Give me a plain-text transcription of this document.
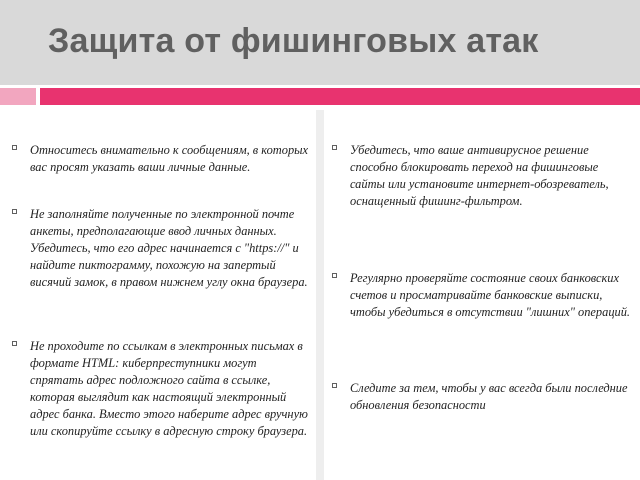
Защита от фишинговых атак
Относитесь внимательно к сообщениям, в которых вас просят указать ваши личные данные.
Не заполняйте полученные по электронной почте анкеты, предполагающие ввод личных данных. Убедитесь, что его адрес начинается с "https://" и найдите пиктограмму, похожую на запертый висячий замок, в правом нижнем углу окна браузера.
Не проходите по ссылкам в электронных письмах в формате HTML: киберпреступники могут спрятать адрес подложного сайта в ссылке, которая выглядит как настоящий электронный адрес банка. Вместо этого наберите адрес вручную или скопируйте ссылку в адресную строку браузера.
Убедитесь, что ваше антивирусное решение способно блокировать переход на фишинговые сайты или установите интернет-обозреватель, оснащенный фишинг-фильтром.
Регулярно проверяйте состояние своих банковских счетов и просматривайте банковские выписки, чтобы убедиться в отсутствии "лишних" операций.
Следите за тем, чтобы у вас всегда были последние обновления безопасности
